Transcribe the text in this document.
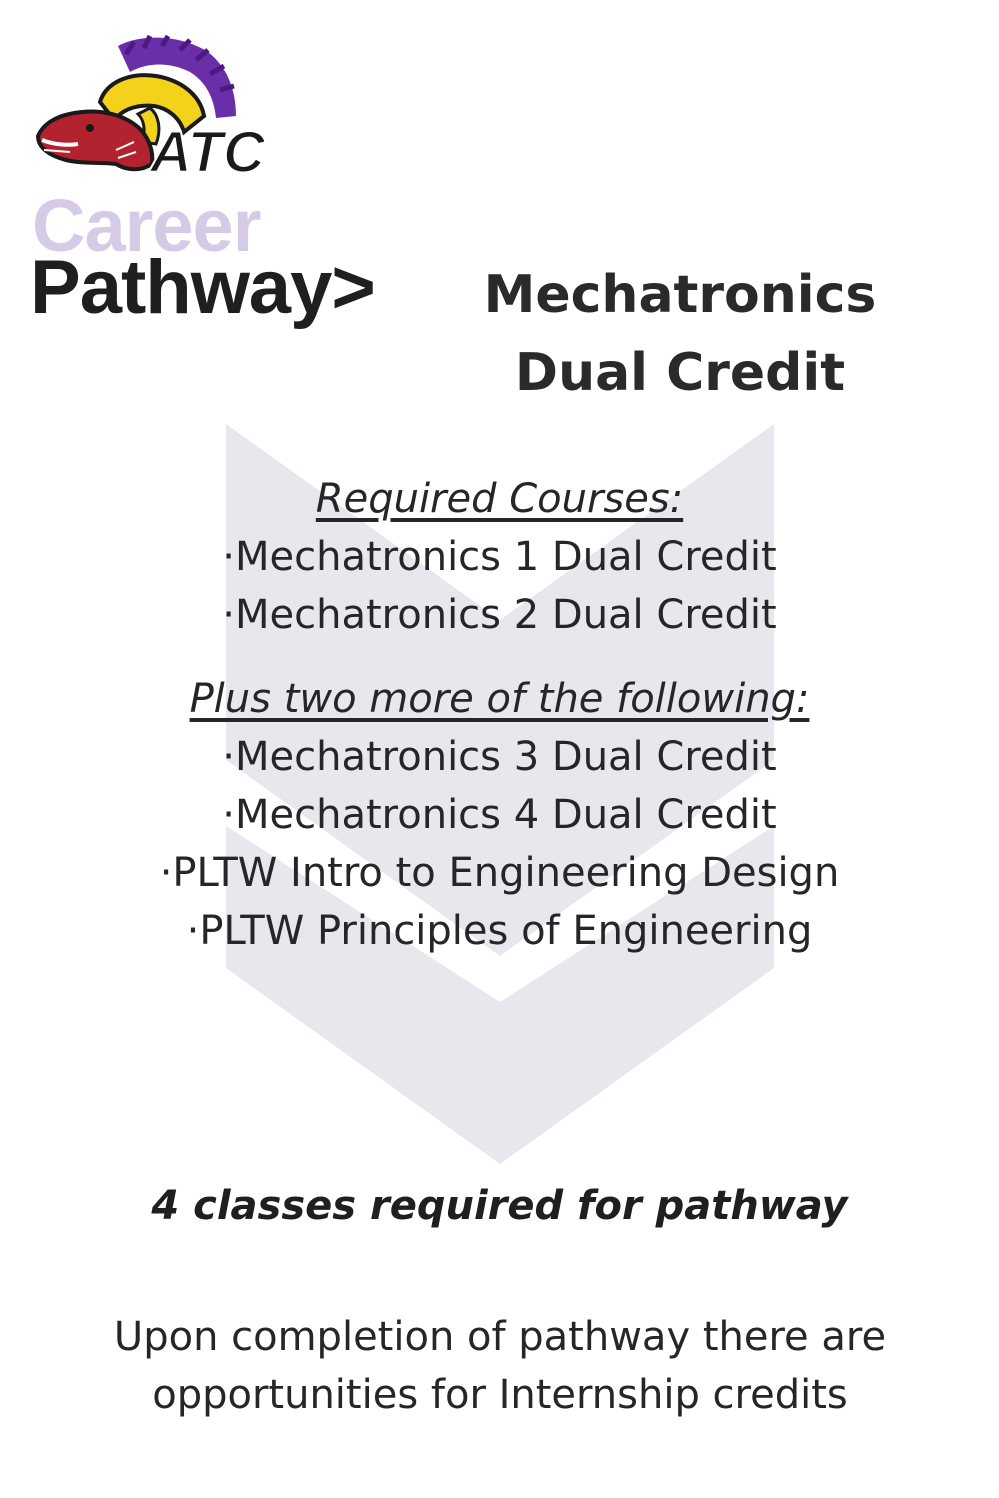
ATC
Career
Pathway>	Mechatronics
Dual Credit
Required Courses:
· Mechatronics 1 Dual Credit
· Mechatronics 2 Dual Credit
Plus two more of the following:
· Mechatronics 3 Dual Credit
· Mechatronics 4 Dual Credit
· PLTW Intro to Engineering Design
· PLTW Principles of Engineering
4 classes required for pathway
Upon completion of pathway there are
opportunities for Internship credits
